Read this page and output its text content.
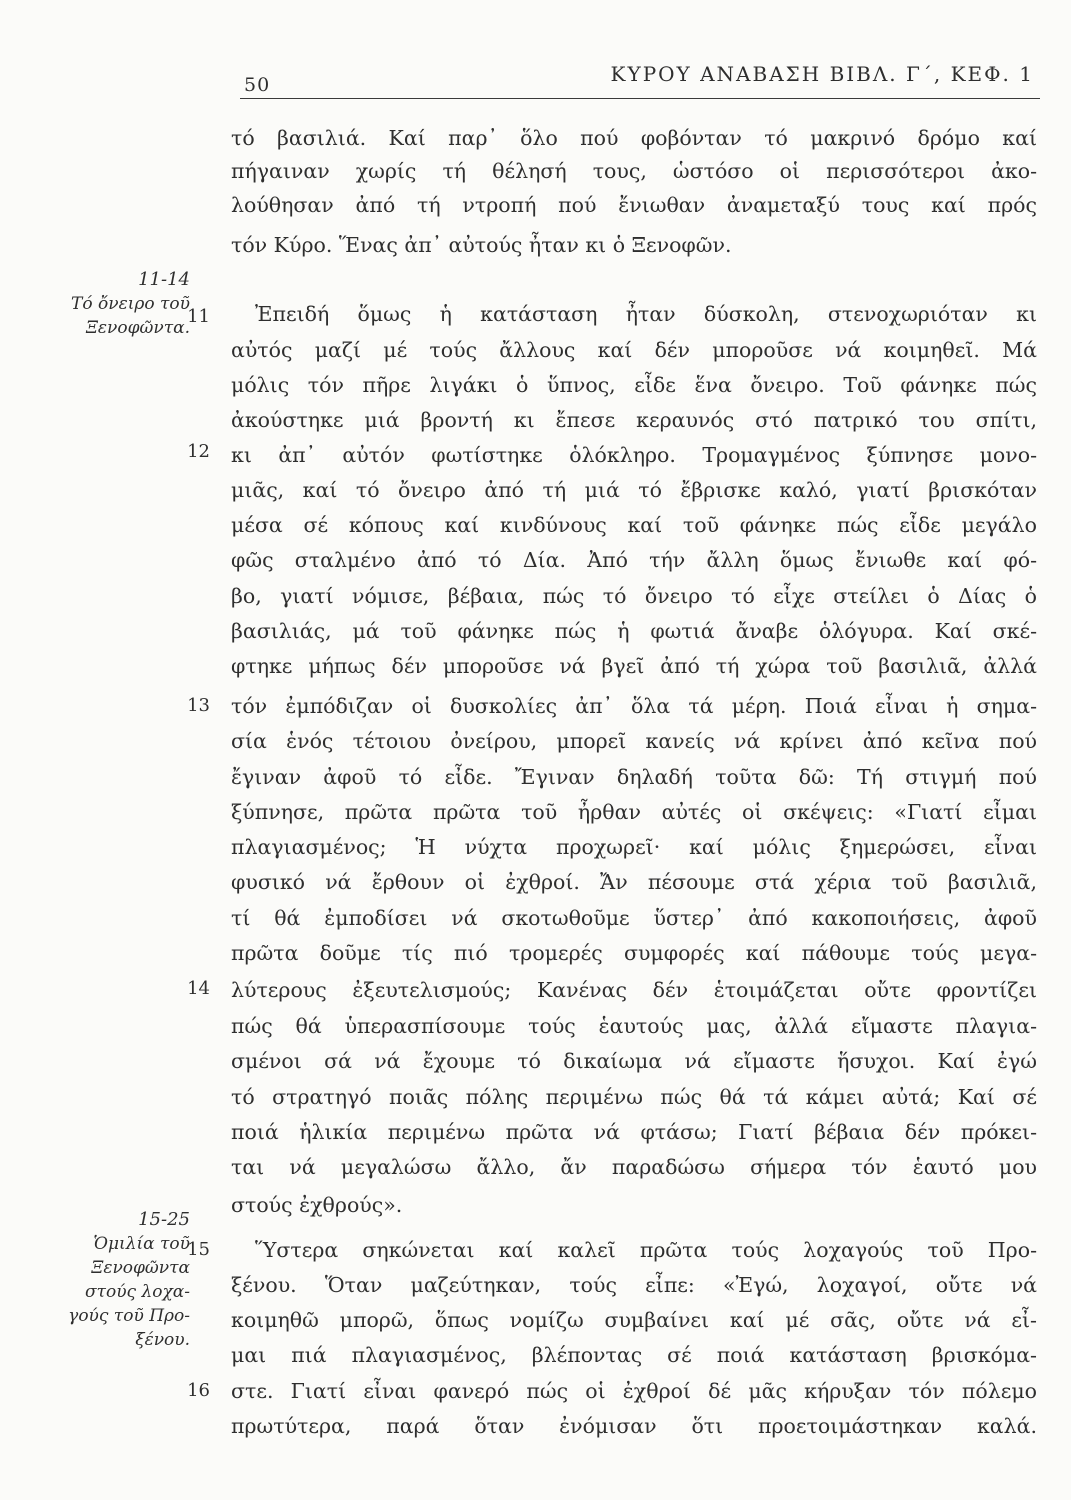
50	ΚΥΡΟΥ ΑΝΑΒΑΣΗ ΒΙΒΛ. Γ΄, ΚΕΦ. 1
11-14
Τό ὄνειρο τοῦ
Ξενοφῶντα.
15-25
Ὁμιλία τοῦ
Ξενοφῶντα
στούς λοχα-
γούς τοῦ Προ-
ξένου.
11
12
13
14
15
16
τό βασιλιά. Καί παρ᾽ ὅλο πού φοβόνταν τό μακρινό δρόμο καί
πήγαιναν χωρίς τή θέλησή τους, ὡστόσο οἱ περισσότεροι ἀκο-
λούθησαν ἀπό τή ντροπή πού ἔνιωθαν ἀναμεταξύ τους καί πρός
τόν Κύρο. Ἕνας ἀπ᾽ αὐτούς ἦταν κι ὁ Ξενοφῶν.
Ἐπειδή ὅμως ἡ κατάσταση ἦταν δύσκολη, στενοχωριόταν κι
αὐτός μαζί μέ τούς ἄλλους καί δέν μποροῦσε νά κοιμηθεῖ. Μά
μόλις τόν πῆρε λιγάκι ὁ ὕπνος, εἶδε ἕνα ὄνειρο. Τοῦ φάνηκε πώς
ἀκούστηκε μιά βροντή κι ἔπεσε κεραυνός στό πατρικό του σπίτι,
κι ἀπ᾽ αὐτόν φωτίστηκε ὁλόκληρο. Τρομαγμένος ξύπνησε μονο-
μιᾶς, καί τό ὄνειρο ἀπό τή μιά τό ἔβρισκε καλό, γιατί βρισκόταν
μέσα σέ κόπους καί κινδύνους καί τοῦ φάνηκε πώς εἶδε μεγάλο
φῶς σταλμένο ἀπό τό Δία. Ἀπό τήν ἄλλη ὅμως ἔνιωθε καί φό-
βο, γιατί νόμισε, βέβαια, πώς τό ὄνειρο τό εἶχε στείλει ὁ Δίας ὁ
βασιλιάς, μά τοῦ φάνηκε πώς ἡ φωτιά ἄναβε ὁλόγυρα. Καί σκέ-
φτηκε μήπως δέν μποροῦσε νά βγεῖ ἀπό τή χώρα τοῦ βασιλιᾶ, ἀλλά
τόν ἐμπόδιζαν οἱ δυσκολίες ἀπ᾽ ὅλα τά μέρη. Ποιά εἶναι ἡ σημα-
σία ἑνός τέτοιου ὀνείρου, μπορεῖ κανείς νά κρίνει ἀπό κεῖνα πού
ἔγιναν ἀφοῦ τό εἶδε. Ἔγιναν δηλαδή τοῦτα δῶ: Τή στιγμή πού
ξύπνησε, πρῶτα πρῶτα τοῦ ἦρθαν αὐτές οἱ σκέψεις: «Γιατί εἶμαι
πλαγιασμένος; Ἡ νύχτα προχωρεῖ· καί μόλις ξημερώσει, εἶναι
φυσικό νά ἔρθουν οἱ ἐχθροί. Ἄν πέσουμε στά χέρια τοῦ βασιλιᾶ,
τί θά ἐμποδίσει νά σκοτωθοῦμε ὕστερ᾽ ἀπό κακοποιήσεις, ἀφοῦ
πρῶτα δοῦμε τίς πιό τρομερές συμφορές καί πάθουμε τούς μεγα-
λύτερους ἐξευτελισμούς; Κανένας δέν ἑτοιμάζεται οὔτε φροντίζει
πώς θά ὑπερασπίσουμε τούς ἑαυτούς μας, ἀλλά εἴμαστε πλαγια-
σμένοι σά νά ἔχουμε τό δικαίωμα νά εἴμαστε ἥσυχοι. Καί ἐγώ
τό στρατηγό ποιᾶς πόλης περιμένω πώς θά τά κάμει αὐτά; Καί σέ
ποιά ἡλικία περιμένω πρῶτα νά φτάσω; Γιατί βέβαια δέν πρόκει-
ται νά μεγαλώσω ἄλλο, ἄν παραδώσω σήμερα τόν ἑαυτό μου
στούς ἐχθρούς».
Ὕστερα σηκώνεται καί καλεῖ πρῶτα τούς λοχαγούς τοῦ Προ-
ξένου. Ὅταν μαζεύτηκαν, τούς εἶπε: «Ἐγώ, λοχαγοί, οὔτε νά
κοιμηθῶ μπορῶ, ὅπως νομίζω συμβαίνει καί μέ σᾶς, οὔτε νά εἶ-
μαι πιά πλαγιασμένος, βλέποντας σέ ποιά κατάσταση βρισκόμα-
στε. Γιατί εἶναι φανερό πώς οἱ ἐχθροί δέ μᾶς κήρυξαν τόν πόλεμο
πρωτύτερα, παρά ὅταν ἐνόμισαν ὅτι προετοιμάστηκαν καλά.
